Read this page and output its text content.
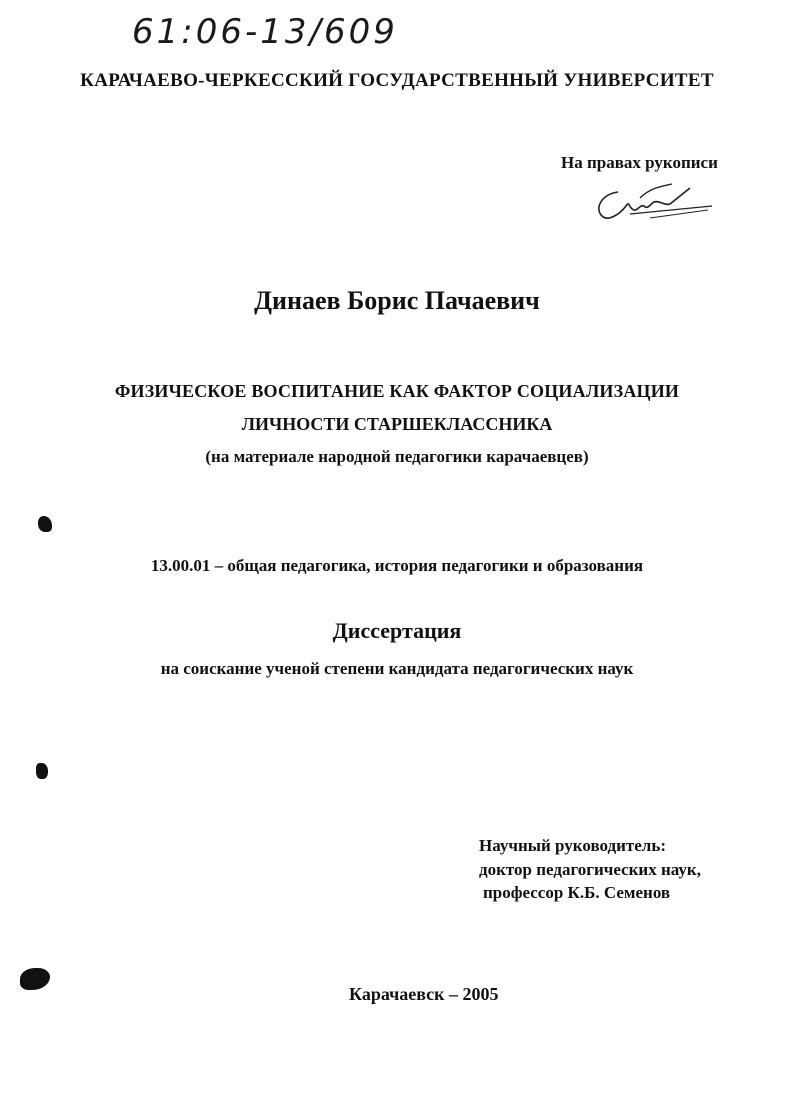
61:06-13/609
КАРАЧАЕВО-ЧЕРКЕССКИЙ ГОСУДАРСТВЕННЫЙ УНИВЕРСИТЕТ
На правах рукописи
Динаев Борис Пачаевич
ФИЗИЧЕСКОЕ ВОСПИТАНИЕ КАК ФАКТОР СОЦИАЛИЗАЦИИ
ЛИЧНОСТИ СТАРШЕКЛАССНИКА
(на материале народной педагогики карачаевцев)
13.00.01 – общая педагогика, история педагогики и образования
Диссертация
на соискание ученой степени кандидата педагогических наук
Научный руководитель:
доктор педагогических наук,
профессор К.Б. Семенов
Карачаевск – 2005
